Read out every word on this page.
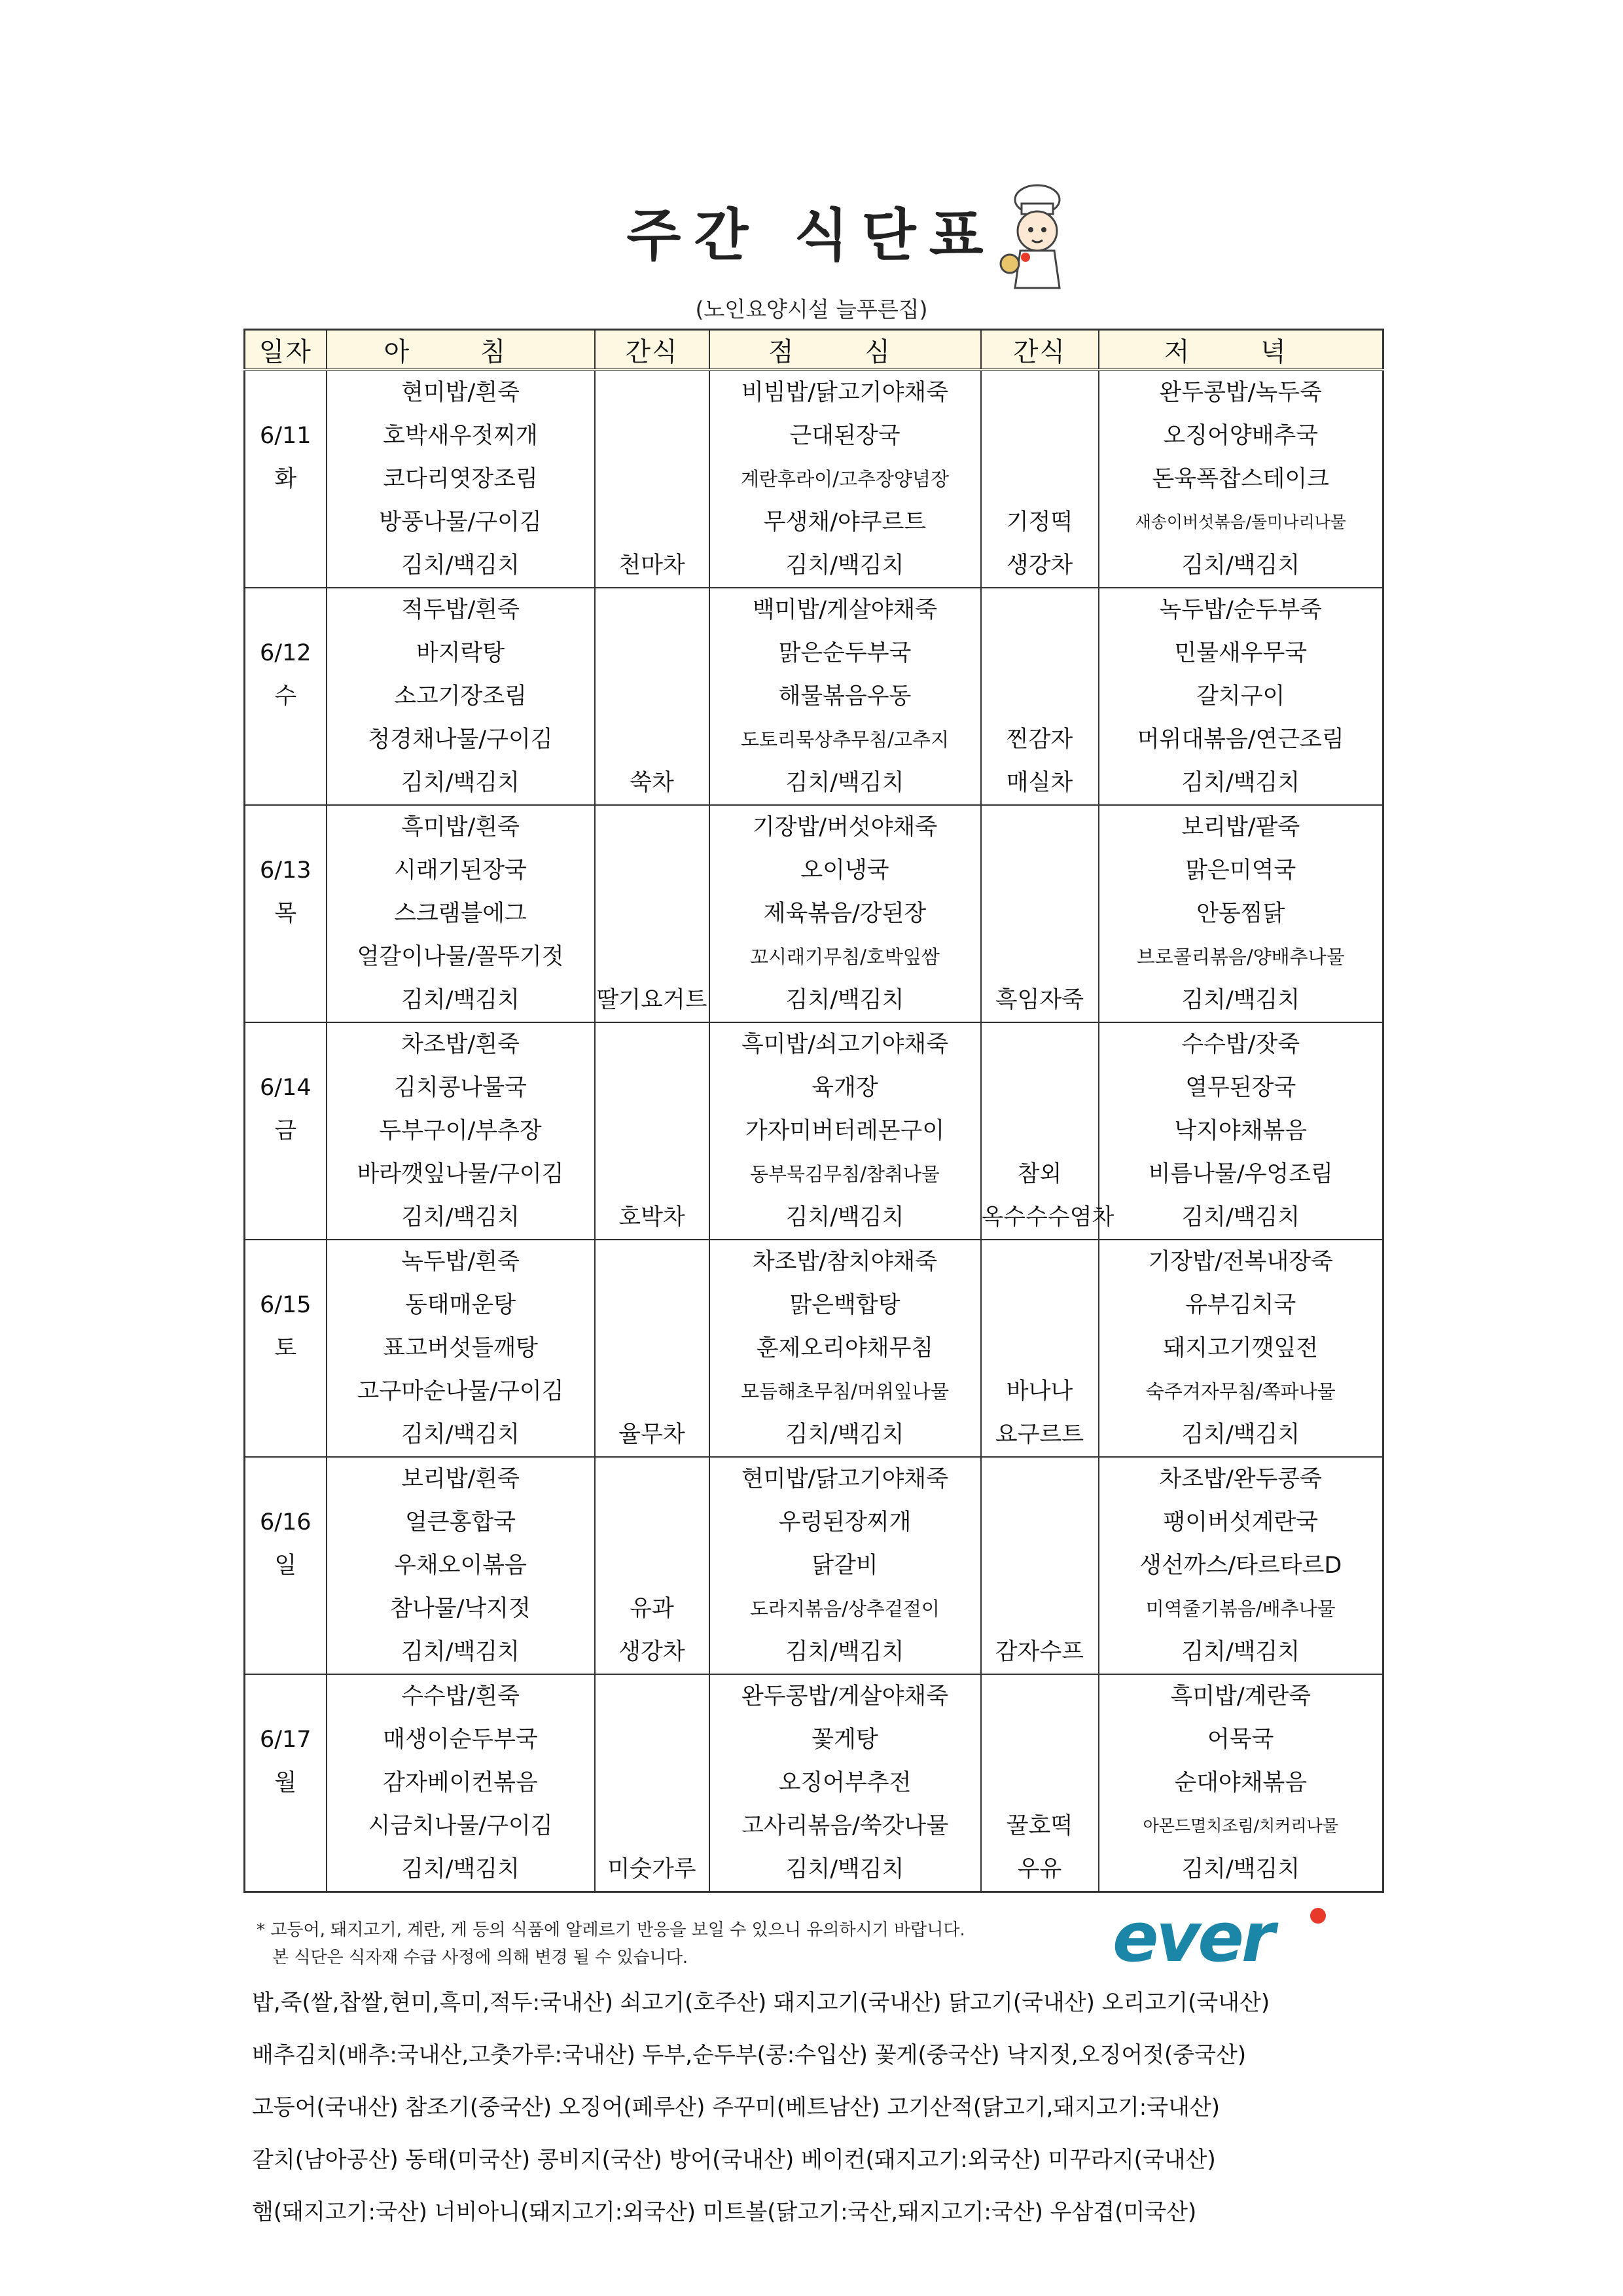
주간 식단표
(노인요양시설 늘푸른집)
일자	아 침	간식	점 심	간식	저 녁
	현미밥/흰죽		비빔밥/닭고기야채죽		완두콩밥/녹두죽
6/11	호박새우젓찌개		근대된장국		오징어양배추국
화	코다리엿장조림		계란후라이/고추장양념장		돈육폭찹스테이크
	방풍나물/구이김		무생채/야쿠르트	기정떡	새송이버섯볶음/돌미나리나물
	김치/백김치	천마차	김치/백김치	생강차	김치/백김치
	적두밥/흰죽		백미밥/게살야채죽		녹두밥/순두부죽
6/12	바지락탕		맑은순두부국		민물새우무국
수	소고기장조림		해물볶음우동		갈치구이
	청경채나물/구이김		도토리묵상추무침/고추지	찐감자	머위대볶음/연근조림
	김치/백김치	쑥차	김치/백김치	매실차	김치/백김치
	흑미밥/흰죽		기장밥/버섯야채죽		보리밥/팥죽
6/13	시래기된장국		오이냉국		맑은미역국
목	스크램블에그		제육볶음/강된장		안동찜닭
	얼갈이나물/꼴뚜기젓		꼬시래기무침/호박잎쌈		브로콜리볶음/양배추나물
	김치/백김치	딸기요거트	김치/백김치	흑임자죽	김치/백김치
	차조밥/흰죽		흑미밥/쇠고기야채죽		수수밥/잣죽
6/14	김치콩나물국		육개장		열무된장국
금	두부구이/부추장		가자미버터레몬구이		낙지야채볶음
	바라깻잎나물/구이김		동부묵김무침/참취나물	참외	비름나물/우엉조림
	김치/백김치	호박차	김치/백김치	옥수수수염차	김치/백김치
	녹두밥/흰죽		차조밥/참치야채죽		기장밥/전복내장죽
6/15	동태매운탕		맑은백합탕		유부김치국
토	표고버섯들깨탕		훈제오리야채무침		돼지고기깻잎전
	고구마순나물/구이김		모듬해초무침/머위잎나물	바나나	숙주겨자무침/쪽파나물
	김치/백김치	율무차	김치/백김치	요구르트	김치/백김치
	보리밥/흰죽		현미밥/닭고기야채죽		차조밥/완두콩죽
6/16	얼큰홍합국		우렁된장찌개		팽이버섯계란국
일	우채오이볶음		닭갈비		생선까스/타르타르D
	참나물/낙지젓	유과	도라지볶음/상추겉절이		미역줄기볶음/배추나물
	김치/백김치	생강차	김치/백김치	감자수프	김치/백김치
	수수밥/흰죽		완두콩밥/게살야채죽		흑미밥/계란죽
6/17	매생이순두부국		꽃게탕		어묵국
월	감자베이컨볶음		오징어부추전		순대야채볶음
	시금치나물/구이김		고사리볶음/쑥갓나물	꿀호떡	아몬드멸치조림/치커리나물
	김치/백김치	미숫가루	김치/백김치	우유	김치/백김치
* 고등어, 돼지고기, 계란, 게 등의 식품에 알레르기 반응을 보일 수 있으니 유의하시기 바랍니다.
본 식단은 식자재 수급 사정에 의해 변경 될 수 있습니다.	ever
밥,죽(쌀,찹쌀,현미,흑미,적두:국내산) 쇠고기(호주산) 돼지고기(국내산) 닭고기(국내산) 오리고기(국내산)
배추김치(배추:국내산,고춧가루:국내산) 두부,순두부(콩:수입산) 꽃게(중국산) 낙지젓,오징어젓(중국산)
고등어(국내산) 참조기(중국산) 오징어(페루산) 주꾸미(베트남산) 고기산적(닭고기,돼지고기:국내산)
갈치(남아공산) 동태(미국산) 콩비지(국산) 방어(국내산) 베이컨(돼지고기:외국산) 미꾸라지(국내산)
햄(돼지고기:국산) 너비아니(돼지고기:외국산) 미트볼(닭고기:국산,돼지고기:국산) 우삼겹(미국산)
